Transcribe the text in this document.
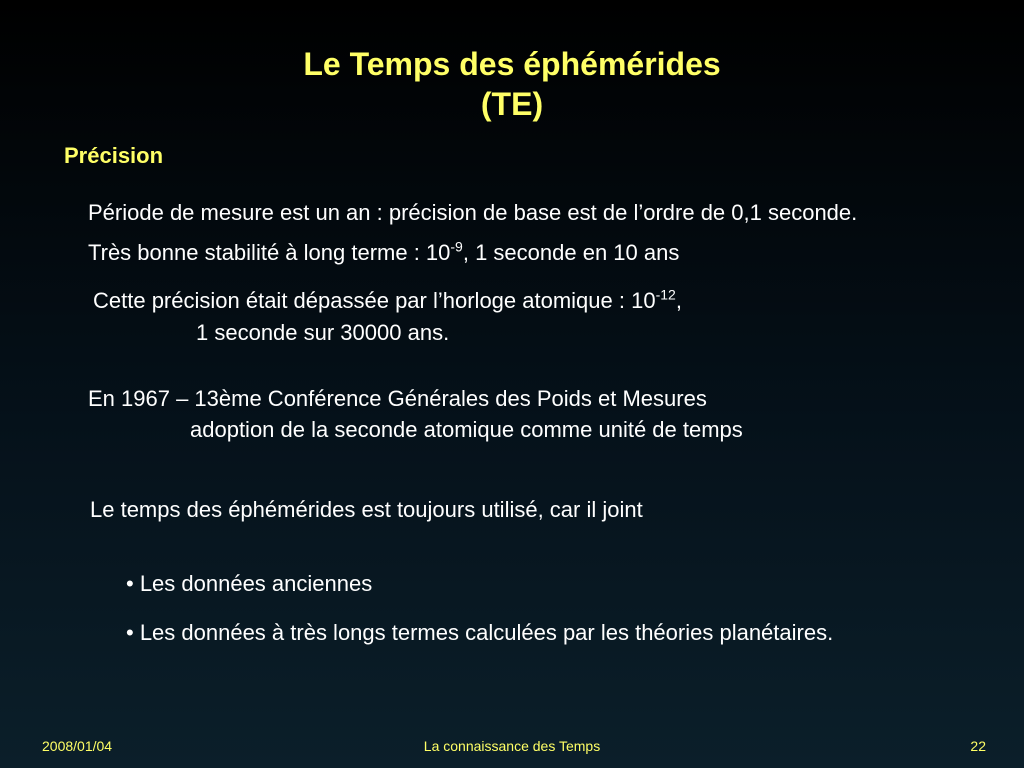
Le Temps des éphémérides
(TE)
Précision
Période de mesure est un an : précision de base est de l’ordre de 0,1 seconde.
Très bonne stabilité à long terme : $10^{-9}$, 1 seconde en 10 ans
Cette précision était dépassée par l’horloge atomique : $10^{-12}$,
1 seconde sur 30000 ans.
En 1967 – 13ème Conférence Générales des Poids et Mesures
adoption de la seconde atomique comme unité de temps
Le temps des éphémérides est toujours utilisé, car il joint
• Les données anciennes
• Les données à très longs termes calculées par les théories planétaires.
2008/01/04	La connaissance des Temps	22
